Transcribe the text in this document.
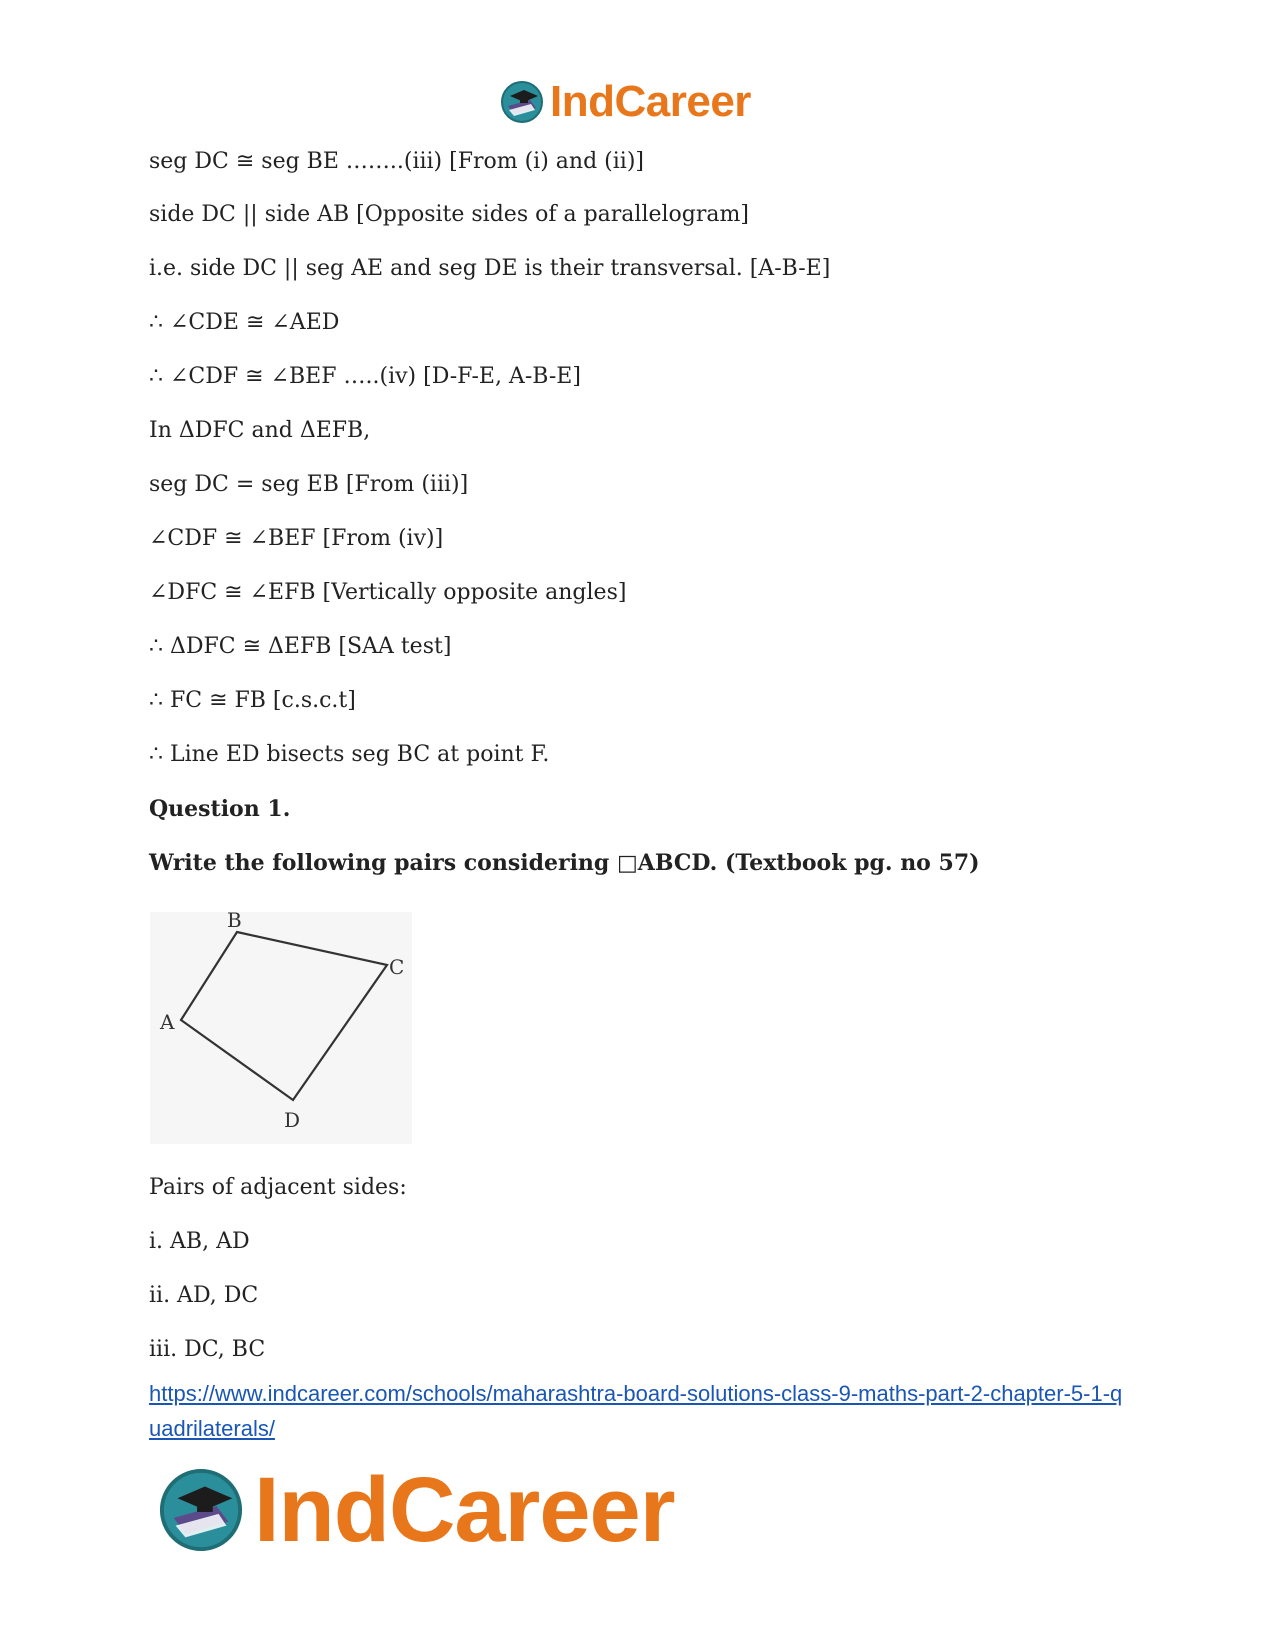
IndCareer
seg DC ≅ seg BE ……..(iii) [From (i) and (ii)]
side DC || side AB [Opposite sides of a parallelogram]
i.e. side DC || seg AE and seg DE is their transversal. [A-B-E]
∴ ∠CDE ≅ ∠AED
∴ ∠CDF ≅ ∠BEF …..(iv) [D-F-E, A-B-E]
In ΔDFC and ΔEFB,
seg DC = seg EB [From (iii)]
∠CDF ≅ ∠BEF [From (iv)]
∠DFC ≅ ∠EFB [Vertically opposite angles]
∴ ΔDFC ≅ ΔEFB [SAA test]
∴ FC ≅ FB [c.s.c.t]
∴ Line ED bisects seg BC at point F.
Question 1.
Write the following pairs considering □ABCD. (Textbook pg. no 57)
B
C
A
D
Pairs of adjacent sides:
i. AB, AD
ii. AD, DC
iii. DC, BC
https://www.indcareer.com/schools/maharashtra-board-solutions-class-9-maths-part-2-chapter-5-1-quadrilaterals/
IndCareer
